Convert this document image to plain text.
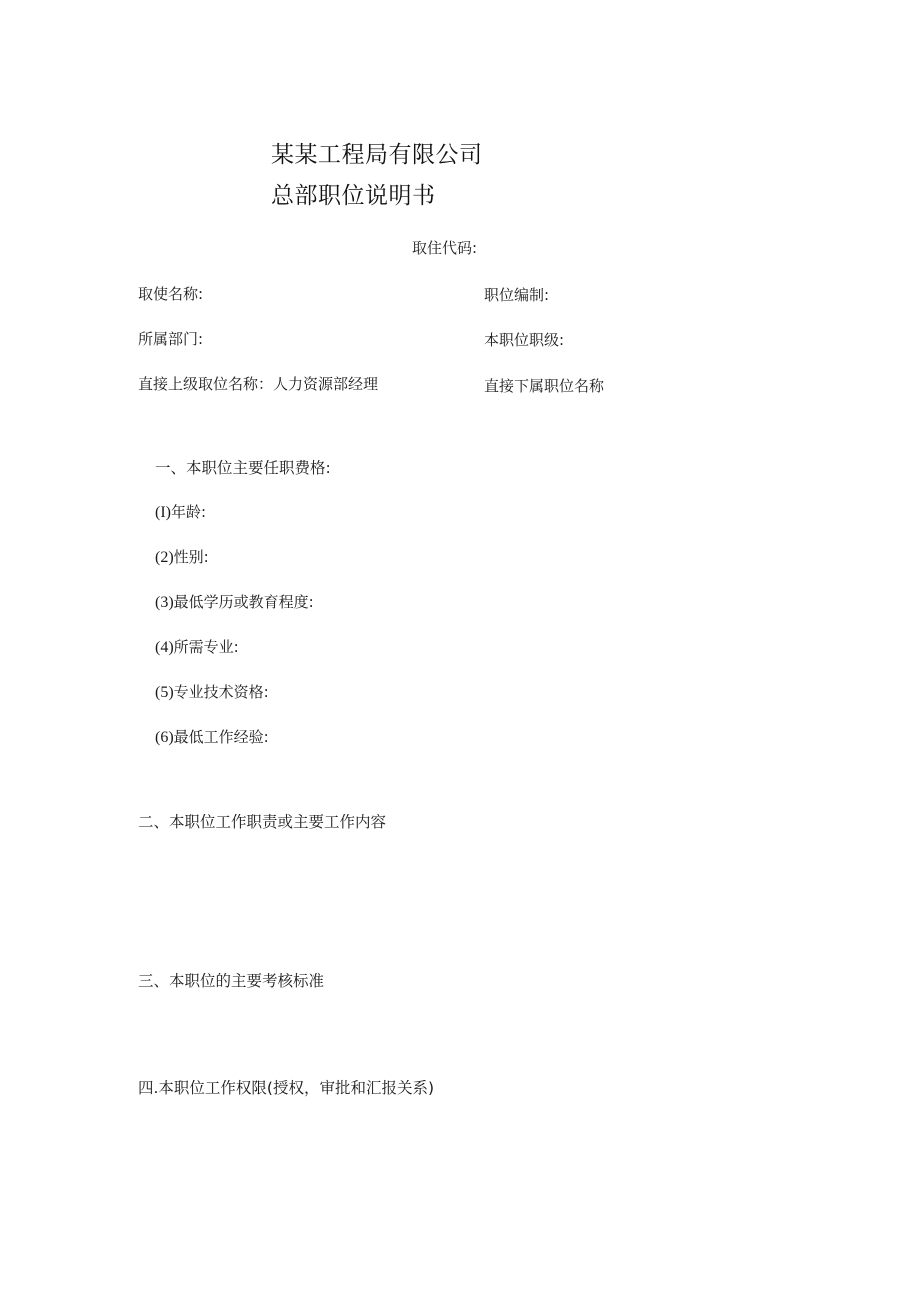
某某工程局有限公司
总部职位说明书
取住代码:
取使名称:	职位编制:
所属部门:	本职位职级:
直接上级取位名称：人力资源部经理	直接下属职位名称
一、本职位主要任职费格:
(I)年龄:
(2)性别:
(3)最低学历或教育程度:
(4)所需专业:
(5)专业技术资格:
(6)最低工作经验:
二、本职位工作职责或主要工作内容
三、本职位的主要考核标准
四.本职位工作权限(授权，审批和汇报关系)
